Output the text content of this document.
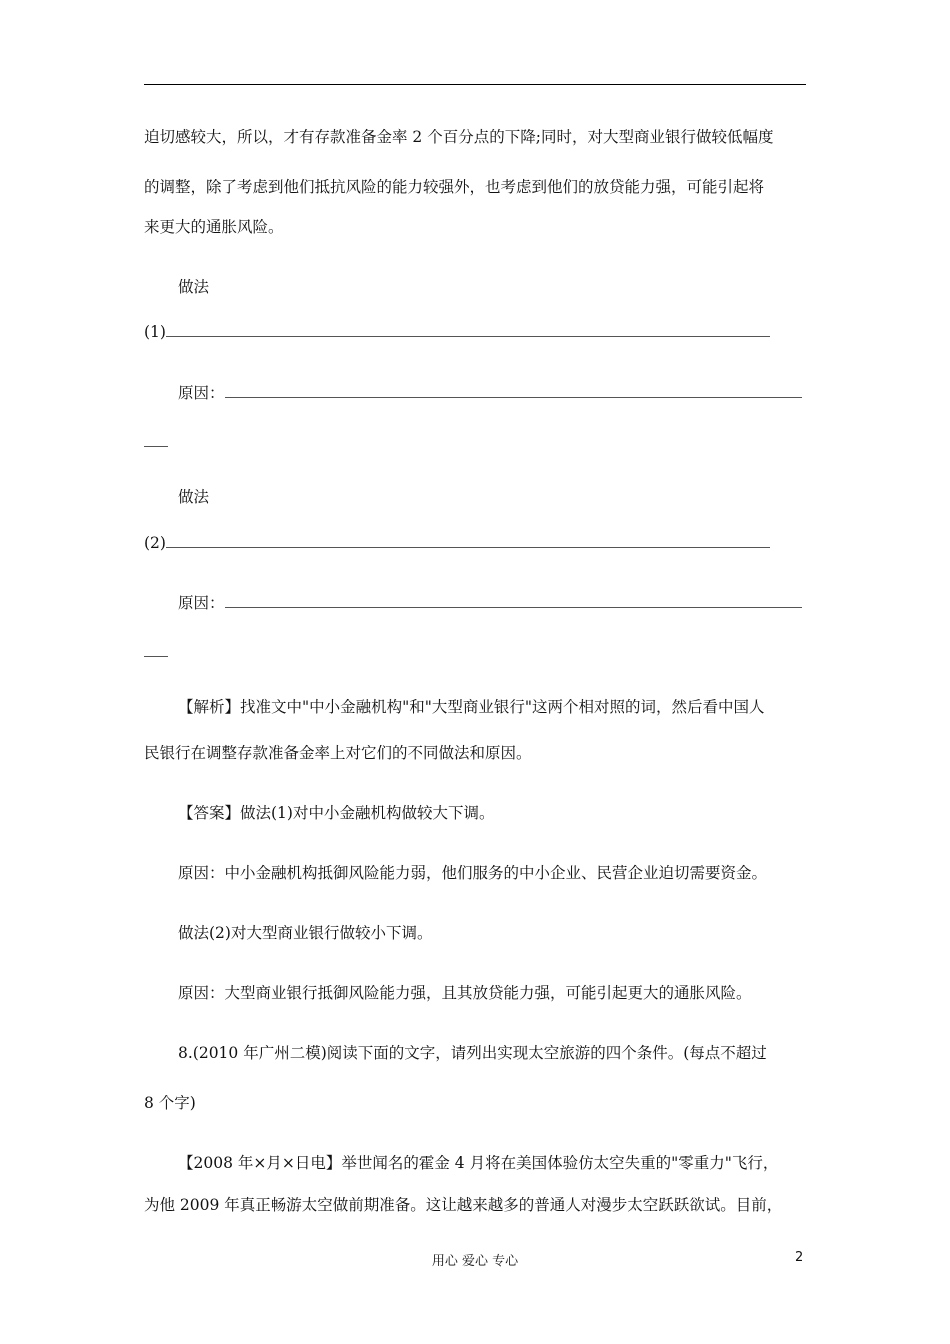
迫切感较大，所以，才有存款准备金率 2 个百分点的下降;同时，对大型商业银行做较低幅度
的调整，除了考虑到他们抵抗风险的能力较强外，也考虑到他们的放贷能力强，可能引起将
来更大的通胀风险。
做法
(1)
原因：
做法
(2)
原因：
【解析】找准文中"中小金融机构"和"大型商业银行"这两个相对照的词，然后看中国人
民银行在调整存款准备金率上对它们的不同做法和原因。
【答案】做法(1)对中小金融机构做较大下调。
原因：中小金融机构抵御风险能力弱，他们服务的中小企业、民营企业迫切需要资金。
做法(2)对大型商业银行做较小下调。
原因：大型商业银行抵御风险能力强，且其放贷能力强，可能引起更大的通胀风险。
8.(2010 年广州二模)阅读下面的文字，请列出实现太空旅游的四个条件。(每点不超过
8 个字)
【2008 年×月×日电】举世闻名的霍金 4 月将在美国体验仿太空失重的"零重力"飞行，
为他 2009 年真正畅游太空做前期准备。这让越来越多的普通人对漫步太空跃跃欲试。目前，
用心 爱心 专心	2
